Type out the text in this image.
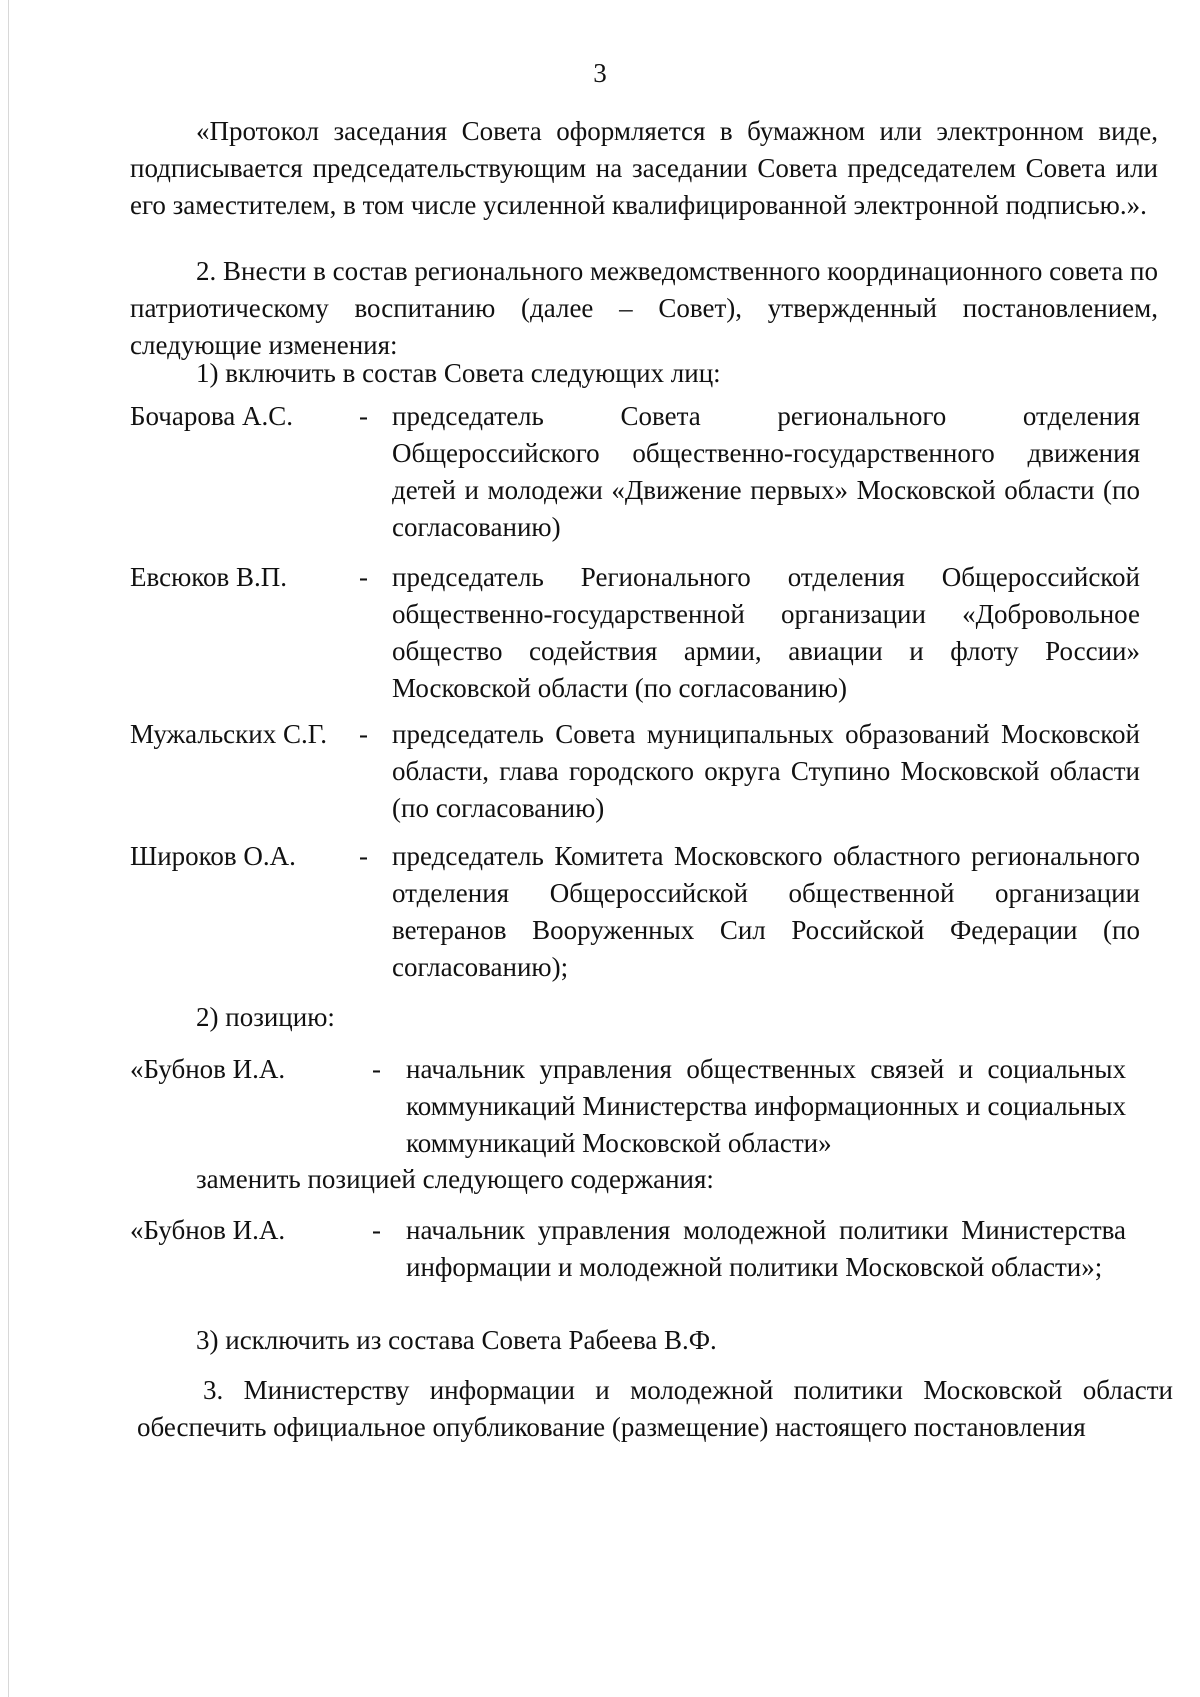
3
«Протокол заседания Совета оформляется в бумажном или электронном виде, подписывается председательствующим на заседании Совета председателем Совета или его заместителем, в том числе усиленной квалифицированной электронной подписью.».
2. Внести в состав регионального межведомственного координационного совета по патриотическому воспитанию (далее – Совет), утвержденный постановлением, следующие изменения:
1) включить в состав Совета следующих лиц:
Бочарова А.С. - председатель Совета регионального отделения Общероссийского общественно-государственного движения детей и молодежи «Движение первых» Московской области (по согласованию)
Евсюков В.П.	- председатель Регионального отделения Общероссийской общественно-государственной организации «Добровольное общество содействия армии, авиации и флоту России» Московской области (по согласованию)
Мужальских С.Г. - председатель Совета муниципальных образований Московской области, глава городского округа Ступино Московской области (по согласованию)
Широков О.А. - председатель Комитета Московского областного регионального отделения Общероссийской общественной организации ветеранов Вооруженных Сил Российской Федерации (по согласованию);
2) позицию:
«Бубнов И.А.	- начальник управления общественных связей и социальных коммуникаций Министерства информационных и социальных коммуникаций Московской области»
заменить позицией следующего содержания:
«Бубнов И.А.	- начальник управления молодежной политики Министерства информации и молодежной политики Московской области»;
3) исключить из состава Совета Рабеева В.Ф.
3. Министерству информации и молодежной политики Московской области обеспечить официальное опубликование (размещение) настоящего постановления
